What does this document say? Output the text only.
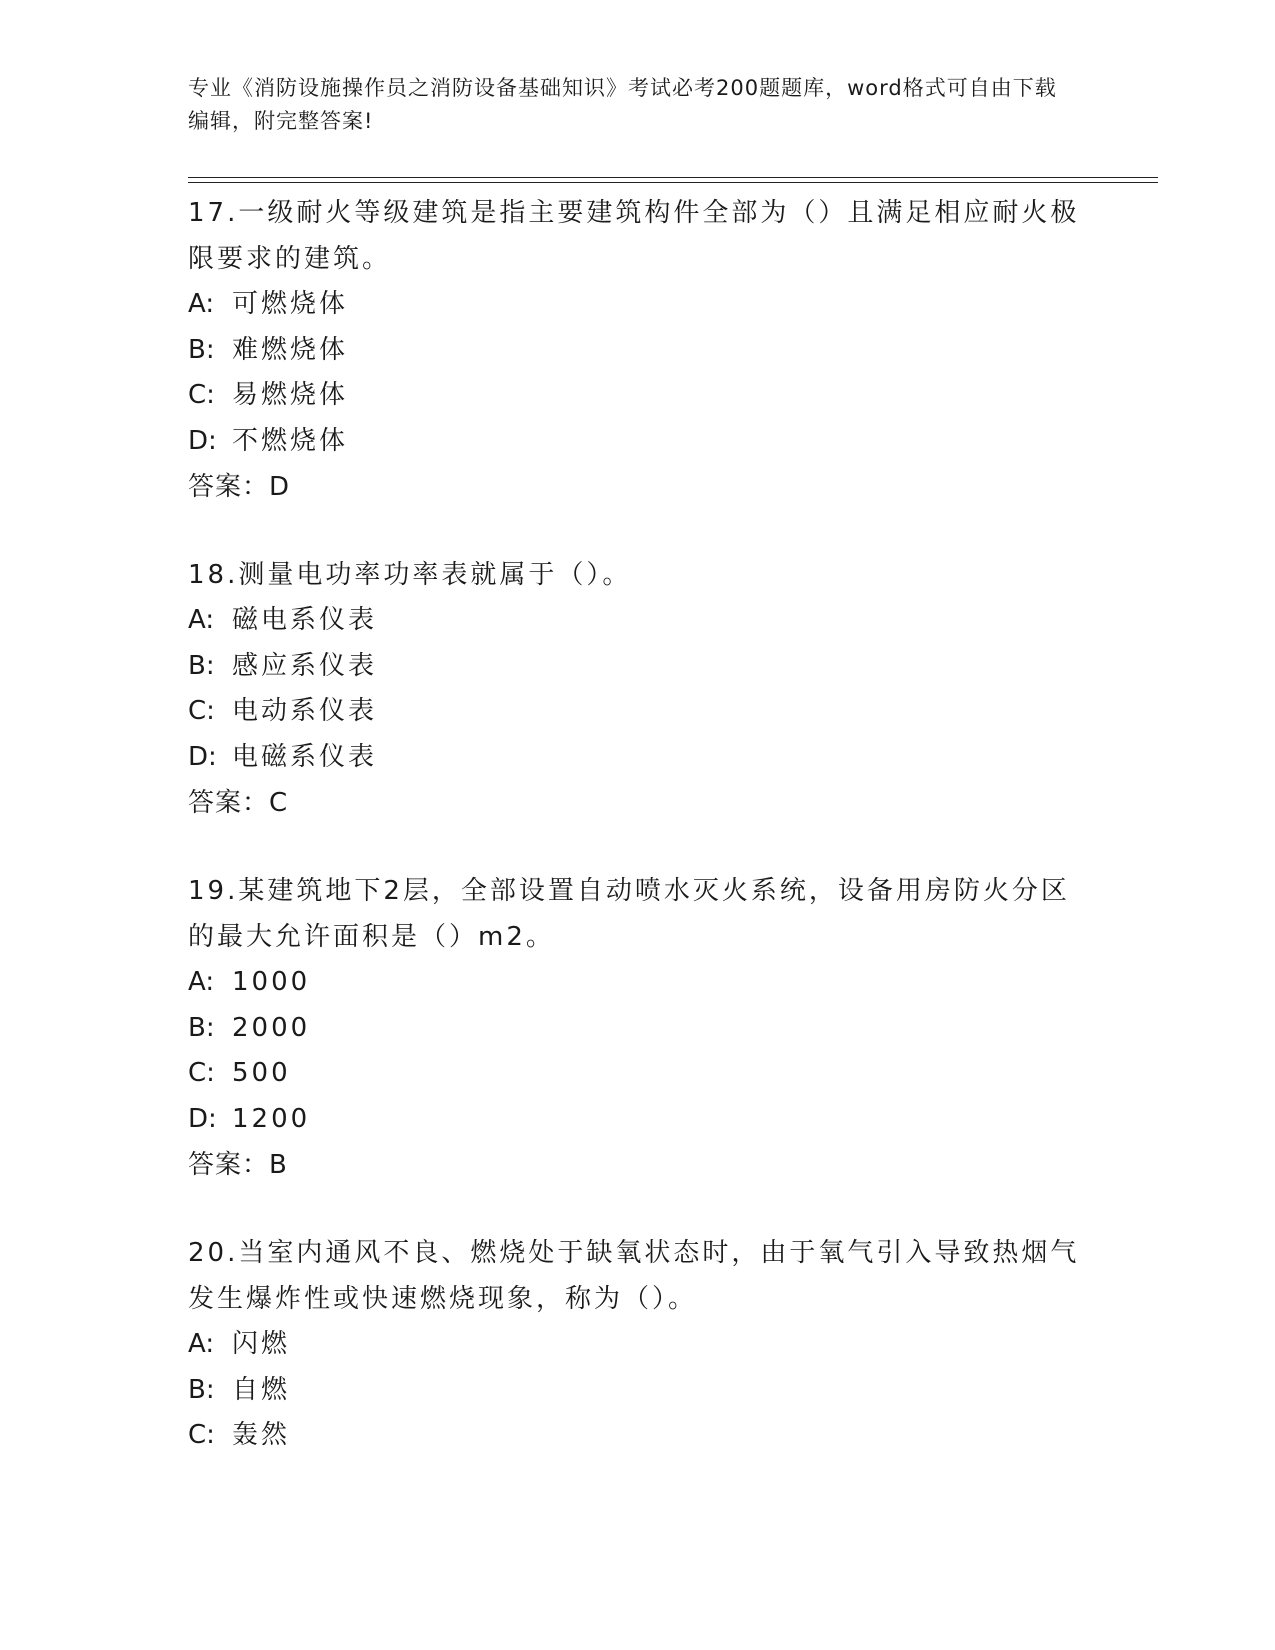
专业《消防设施操作员之消防设备基础知识》考试必考200题题库，word格式可自由下载编辑，附完整答案!
17.一级耐火等级建筑是指主要建筑构件全部为（）且满足相应耐火极限要求的建筑。
A: 可燃烧体
B: 难燃烧体
C: 易燃烧体
D: 不燃烧体
答案：D
18.测量电功率功率表就属于（）。
A: 磁电系仪表
B: 感应系仪表
C: 电动系仪表
D: 电磁系仪表
答案：C
19.某建筑地下2层，全部设置自动喷水灭火系统，设备用房防火分区的最大允许面积是（）m2。
A: 1000
B: 2000
C: 500
D: 1200
答案：B
20.当室内通风不良、燃烧处于缺氧状态时，由于氧气引入导致热烟气发生爆炸性或快速燃烧现象，称为（）。
A: 闪燃
B: 自燃
C: 轰然
